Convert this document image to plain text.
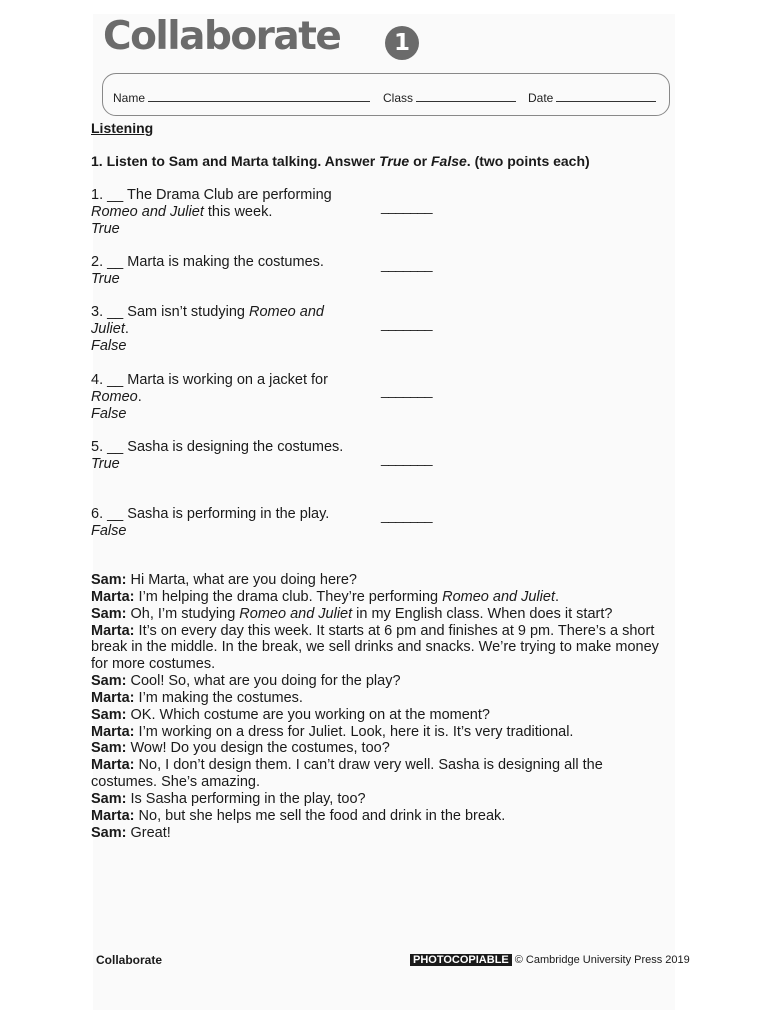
Collaborate	1
Name	Class	Date
Listening
1. Listen to Sam and Marta talking. Answer True or False. (two points each)
1. __ The Drama Club are performing Romeo and Juliet this week.
True
_______
2. __ Marta is making the costumes.
True
_______
3. __ Sam isn’t studying Romeo and Juliet.
False
_______
4. __ Marta is working on a jacket for Romeo.
False
_______
5. __ Sasha is designing the costumes.
True	_______
6. __ Sasha is performing in the play.
False
_______
Sam: Hi Marta, what are you doing here?
Marta: I’m helping the drama club. They’re performing Romeo and Juliet.
Sam: Oh, I’m studying Romeo and Juliet in my English class. When does it start?
Marta: It’s on every day this week. It starts at 6 pm and finishes at 9 pm. There’s a short break in the middle. In the break, we sell drinks and snacks. We’re trying to make money for more costumes.
Sam: Cool! So, what are you doing for the play?
Marta: I’m making the costumes.
Sam: OK. Which costume are you working on at the moment?
Marta: I’m working on a dress for Juliet. Look, here it is. It’s very traditional.
Sam: Wow! Do you design the costumes, too?
Marta: No, I don’t design them. I can’t draw very well. Sasha is designing all the costumes. She’s amazing.
Sam: Is Sasha performing in the play, too?
Marta: No, but she helps me sell the food and drink in the break.
Sam: Great!
Collaborate	PHOTOCOPIABLE © Cambridge University Press 2019
